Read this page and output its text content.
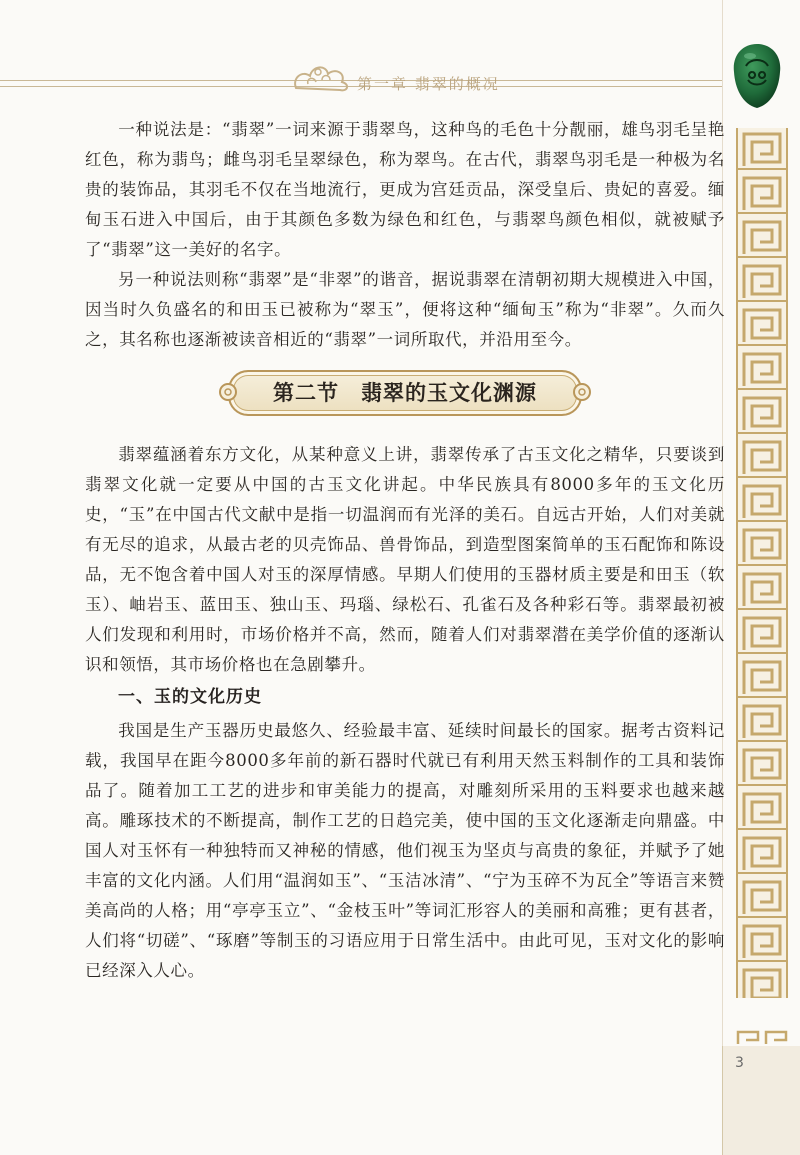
第一章 翡翠的概况
3

一种说法是：“翡翠”一词来源于翡翠鸟，这种鸟的毛色十分靓丽，雄鸟羽毛呈艳红色，称为翡鸟；雌鸟羽毛呈翠绿色，称为翠鸟。在古代，翡翠鸟羽毛是一种极为名贵的装饰品，其羽毛不仅在当地流行，更成为宫廷贡品，深受皇后、贵妃的喜爱。缅甸玉石进入中国后，由于其颜色多数为绿色和红色，与翡翠鸟颜色相似，就被赋予了“翡翠”这一美好的名字。

另一种说法则称“翡翠”是“非翠”的谐音，据说翡翠在清朝初期大规模进入中国，因当时久负盛名的和田玉已被称为“翠玉”，便将这种“缅甸玉”称为“非翠”。久而久之，其名称也逐渐被读音相近的“翡翠”一词所取代，并沿用至今。

第二节　翡翠的玉文化渊源

翡翠蕴涵着东方文化，从某种意义上讲，翡翠传承了古玉文化之精华，只要谈到翡翠文化就一定要从中国的古玉文化讲起。中华民族具有8000多年的玉文化历史，“玉”在中国古代文献中是指一切温润而有光泽的美石。自远古开始，人们对美就有无尽的追求，从最古老的贝壳饰品、兽骨饰品，到造型图案简单的玉石配饰和陈设品，无不饱含着中国人对玉的深厚情感。早期人们使用的玉器材质主要是和田玉（软玉）、岫岩玉、蓝田玉、独山玉、玛瑙、绿松石、孔雀石及各种彩石等。翡翠最初被人们发现和利用时，市场价格并不高，然而，随着人们对翡翠潜在美学价值的逐渐认识和领悟，其市场价格也在急剧攀升。

一、玉的文化历史

我国是生产玉器历史最悠久、经验最丰富、延续时间最长的国家。据考古资料记载，我国早在距今8000多年前的新石器时代就已有利用天然玉料制作的工具和装饰品了。随着加工工艺的进步和审美能力的提高，对雕刻所采用的玉料要求也越来越高。雕琢技术的不断提高，制作工艺的日趋完美，使中国的玉文化逐渐走向鼎盛。中国人对玉怀有一种独特而又神秘的情感，他们视玉为坚贞与高贵的象征，并赋予了她丰富的文化内涵。人们用“温润如玉”、“玉洁冰清”、“宁为玉碎不为瓦全”等语言来赞美高尚的人格；用“亭亭玉立”、“金枝玉叶”等词汇形容人的美丽和高雅；更有甚者，人们将“切磋”、“琢磨”等制玉的习语应用于日常生活中。由此可见，玉对文化的影响已经深入人心。
